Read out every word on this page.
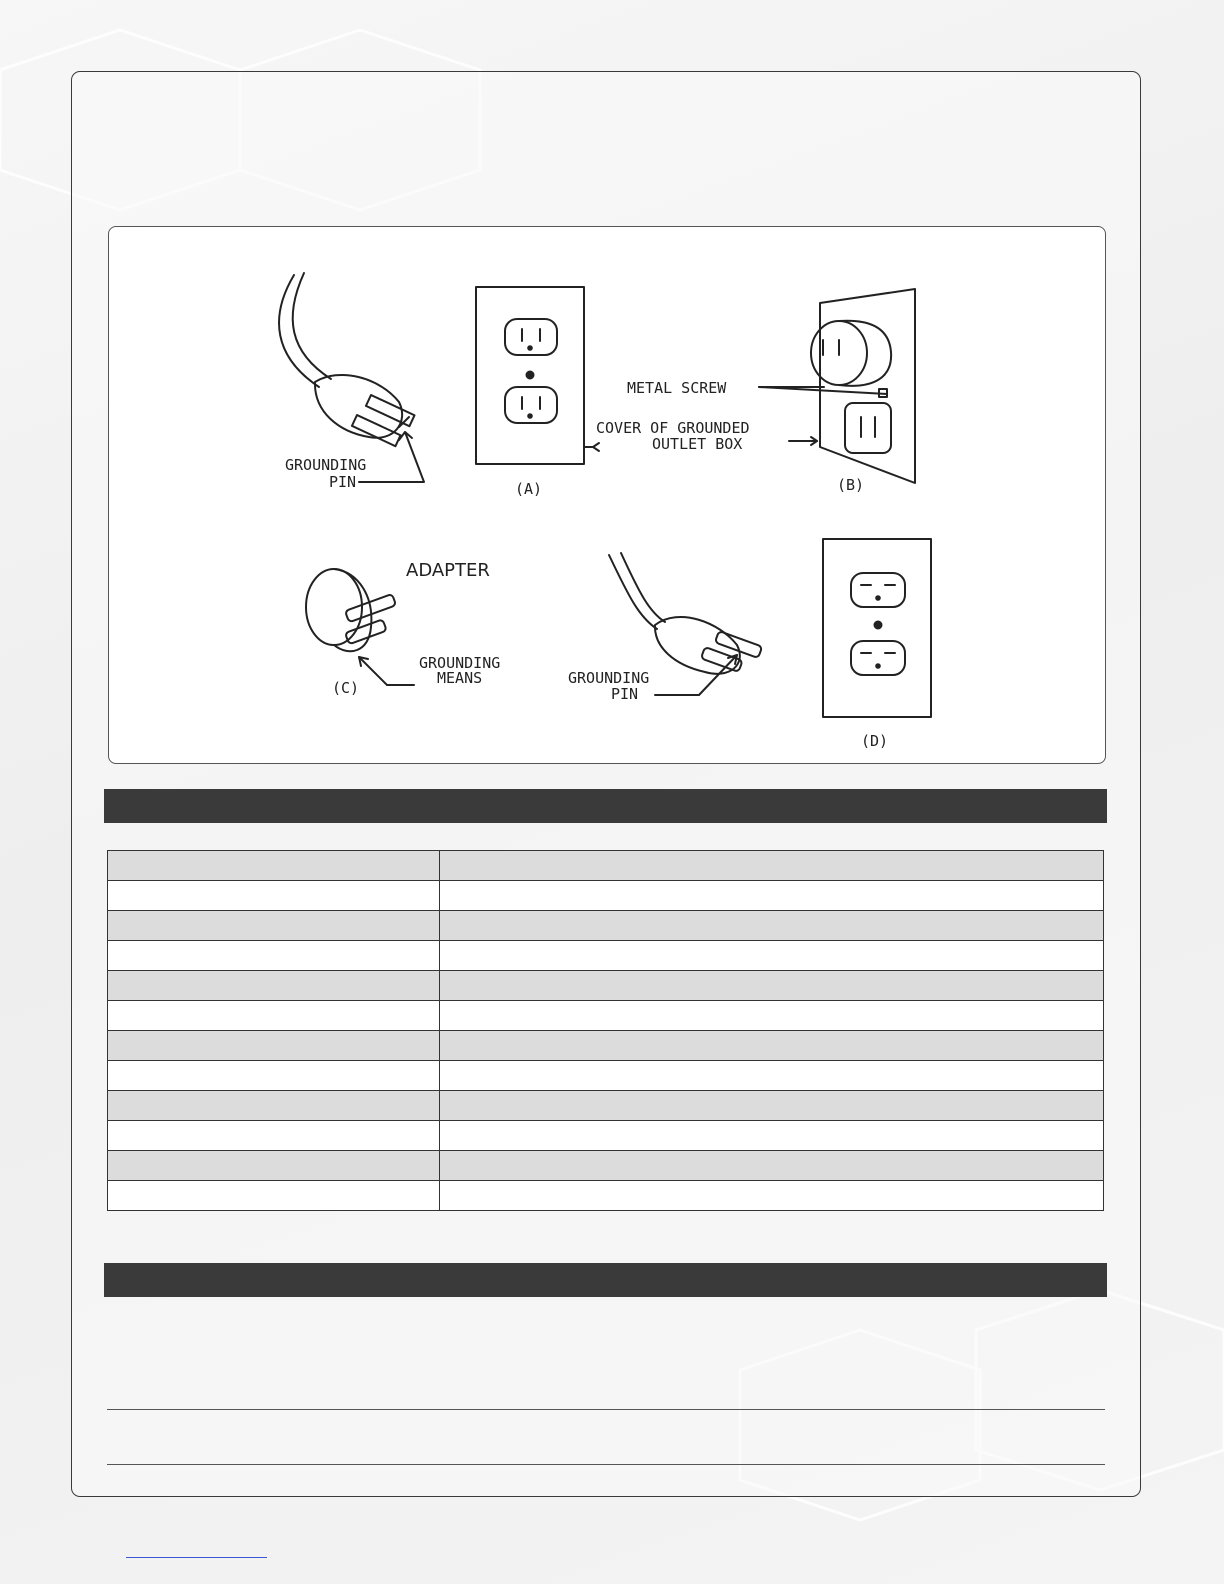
GROUNDING
PIN
METAL SCREW
COVER OF GROUNDED
OUTLET BOX
(A)	(B)
ADAPTER
GROUNDING
MEANS
(C)
GROUNDING
PIN
(D)
